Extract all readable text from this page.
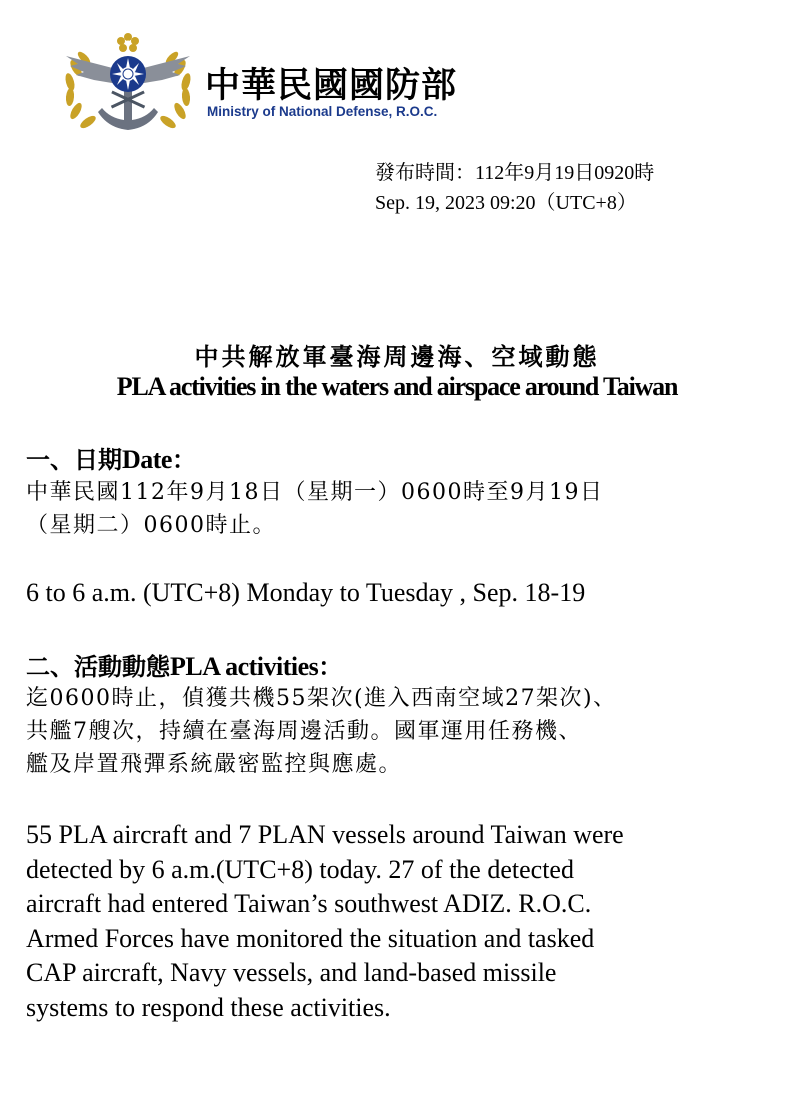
中華民國國防部
Ministry of National Defense, R.O.C.
發布時間：112年9月19日0920時
Sep. 19, 2023 09:20（UTC+8）
中共解放軍臺海周邊海、空域動態
PLA activities in the waters and airspace around Taiwan
一、日期Date：
中華民國112年9月18日（星期一）0600時至9月19日
（星期二）0600時止。
6 to 6 a.m. (UTC+8) Monday to Tuesday , Sep. 18-19
二、活動動態PLA activities：
迄0600時止，偵獲共機55架次(進入西南空域27架次)、
共艦7艘次，持續在臺海周邊活動。國軍運用任務機、
艦及岸置飛彈系統嚴密監控與應處。
55 PLA aircraft and 7 PLAN vessels around Taiwan were
detected by 6 a.m.(UTC+8) today. 27 of the detected
aircraft had entered Taiwan’s southwest ADIZ. R.O.C.
Armed Forces have monitored the situation and tasked
CAP aircraft, Navy vessels, and land-based missile
systems to respond these activities.
